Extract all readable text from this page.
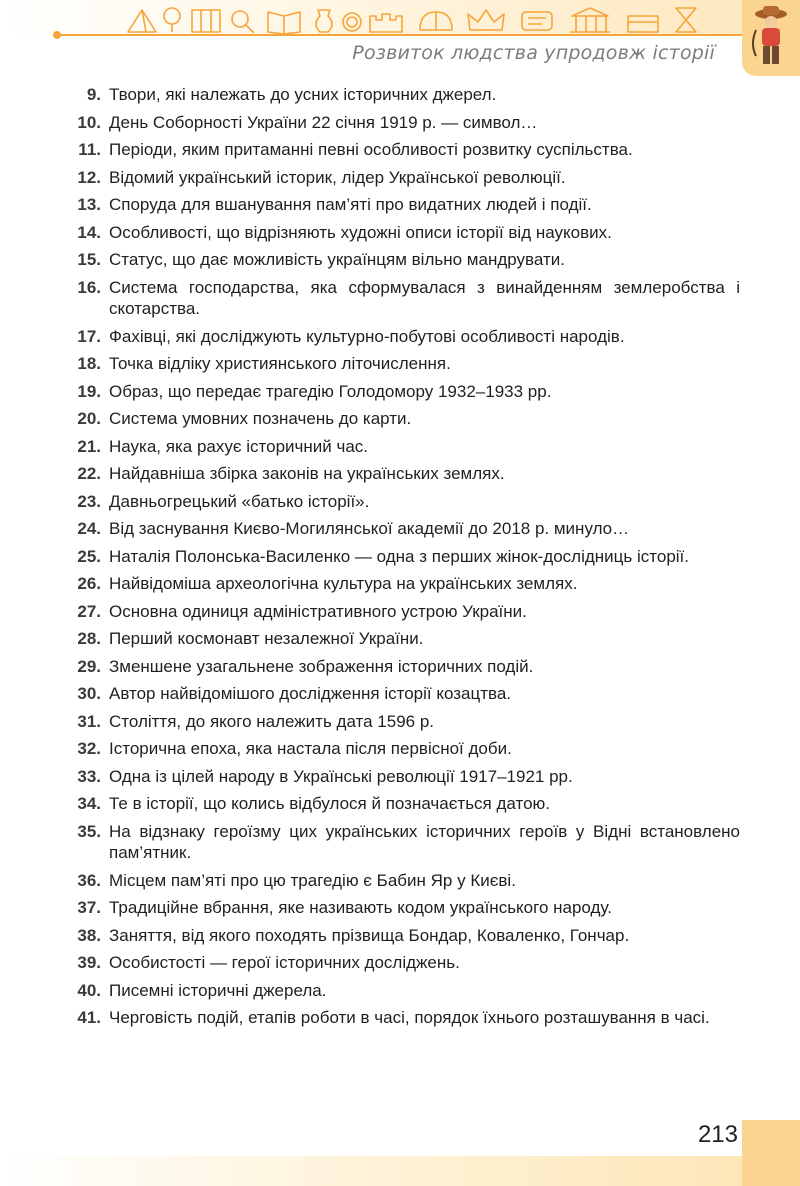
Розвиток людства упродовж історії
9. Твори, які належать до усних історичних джерел.
10. День Соборності України 22 січня 1919 р. — символ…
11. Періоди, яким притаманні певні особливості розвитку суспільства.
12. Відомий український історик, лідер Української революції.
13. Споруда для вшанування пам’яті про видатних людей і події.
14. Особливості, що відрізняють художні описи історії від наукових.
15. Статус, що дає можливість українцям вільно мандрувати.
16. Система господарства, яка сформувалася з винайденням землеробства і скотарства.
17. Фахівці, які досліджують культурно-побутові особливості народів.
18. Точка відліку християнського літочислення.
19. Образ, що передає трагедію Голодомору 1932–1933 рр.
20. Система умовних позначень до карти.
21. Наука, яка рахує історичний час.
22. Найдавніша збірка законів на українських землях.
23. Давньогрецький «батько історії».
24. Від заснування Києво-Могилянської академії до 2018 р. минуло…
25. Наталія Полонська-Василенко — одна з перших жінок-дослідниць історії.
26. Найвідоміша археологічна культура на українських землях.
27. Основна одиниця адміністративного устрою України.
28. Перший космонавт незалежної України.
29. Зменшене узагальнене зображення історичних подій.
30. Автор найвідомішого дослідження історії козацтва.
31. Століття, до якого належить дата 1596 р.
32. Історична епоха, яка настала після первісної доби.
33. Одна із цілей народу в Українські революції 1917–1921 рр.
34. Те в історії, що колись відбулося й позначається датою.
35. На відзнаку героїзму цих українських історичних героїв у Відні встановлено пам’ятник.
36. Місцем пам’яті про цю трагедію є Бабин Яр у Києві.
37. Традиційне вбрання, яке називають кодом українського народу.
38. Заняття, від якого походять прізвища Бондар, Коваленко, Гончар.
39. Особистості — герої історичних досліджень.
40. Писемні історичні джерела.
41. Черговість подій, етапів роботи в часі, порядок їхнього розташування в часі.
213
